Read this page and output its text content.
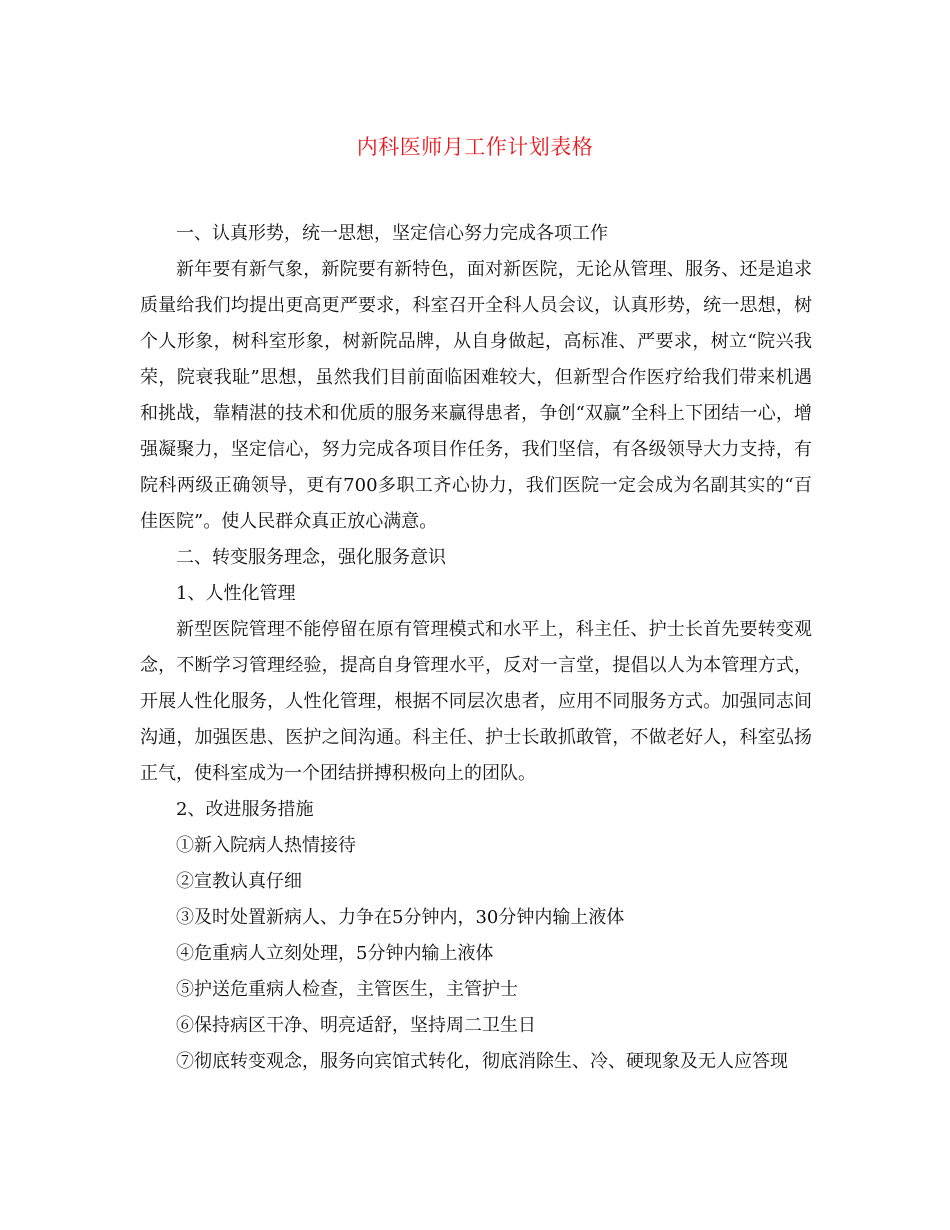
内科医师月工作计划表格

一、认真形势，统一思想，坚定信心努力完成各项工作

新年要有新气象，新院要有新特色，面对新医院，无论从管理、服务、还是追求质量给我们均提出更高更严要求，科室召开全科人员会议，认真形势，统一思想，树个人形象，树科室形象，树新院品牌，从自身做起，高标准、严要求，树立“院兴我荣，院衰我耻”思想，虽然我们目前面临困难较大，但新型合作医疗给我们带来机遇和挑战，靠精湛的技术和优质的服务来赢得患者，争创“双赢”全科上下团结一心，增强凝聚力，坚定信心，努力完成各项目作任务，我们坚信，有各级领导大力支持，有院科两级正确领导，更有700多职工齐心协力，我们医院一定会成为名副其实的“百佳医院”。使人民群众真正放心满意。

二、转变服务理念，强化服务意识

1、人性化管理

新型医院管理不能停留在原有管理模式和水平上，科主任、护士长首先要转变观念，不断学习管理经验，提高自身管理水平，反对一言堂，提倡以人为本管理方式，开展人性化服务，人性化管理，根据不同层次患者，应用不同服务方式。加强同志间沟通，加强医患、医护之间沟通。科主任、护士长敢抓敢管，不做老好人，科室弘扬正气，使科室成为一个团结拼搏积极向上的团队。

2、改进服务措施

①新入院病人热情接待

②宣教认真仔细

③及时处置新病人、力争在5分钟内，30分钟内输上液体

④危重病人立刻处理，5分钟内输上液体

⑤护送危重病人检查，主管医生，主管护士

⑥保持病区干净、明亮适舒，坚持周二卫生日

⑦彻底转变观念，服务向宾馆式转化，彻底消除生、冷、硬现象及无人应答现
